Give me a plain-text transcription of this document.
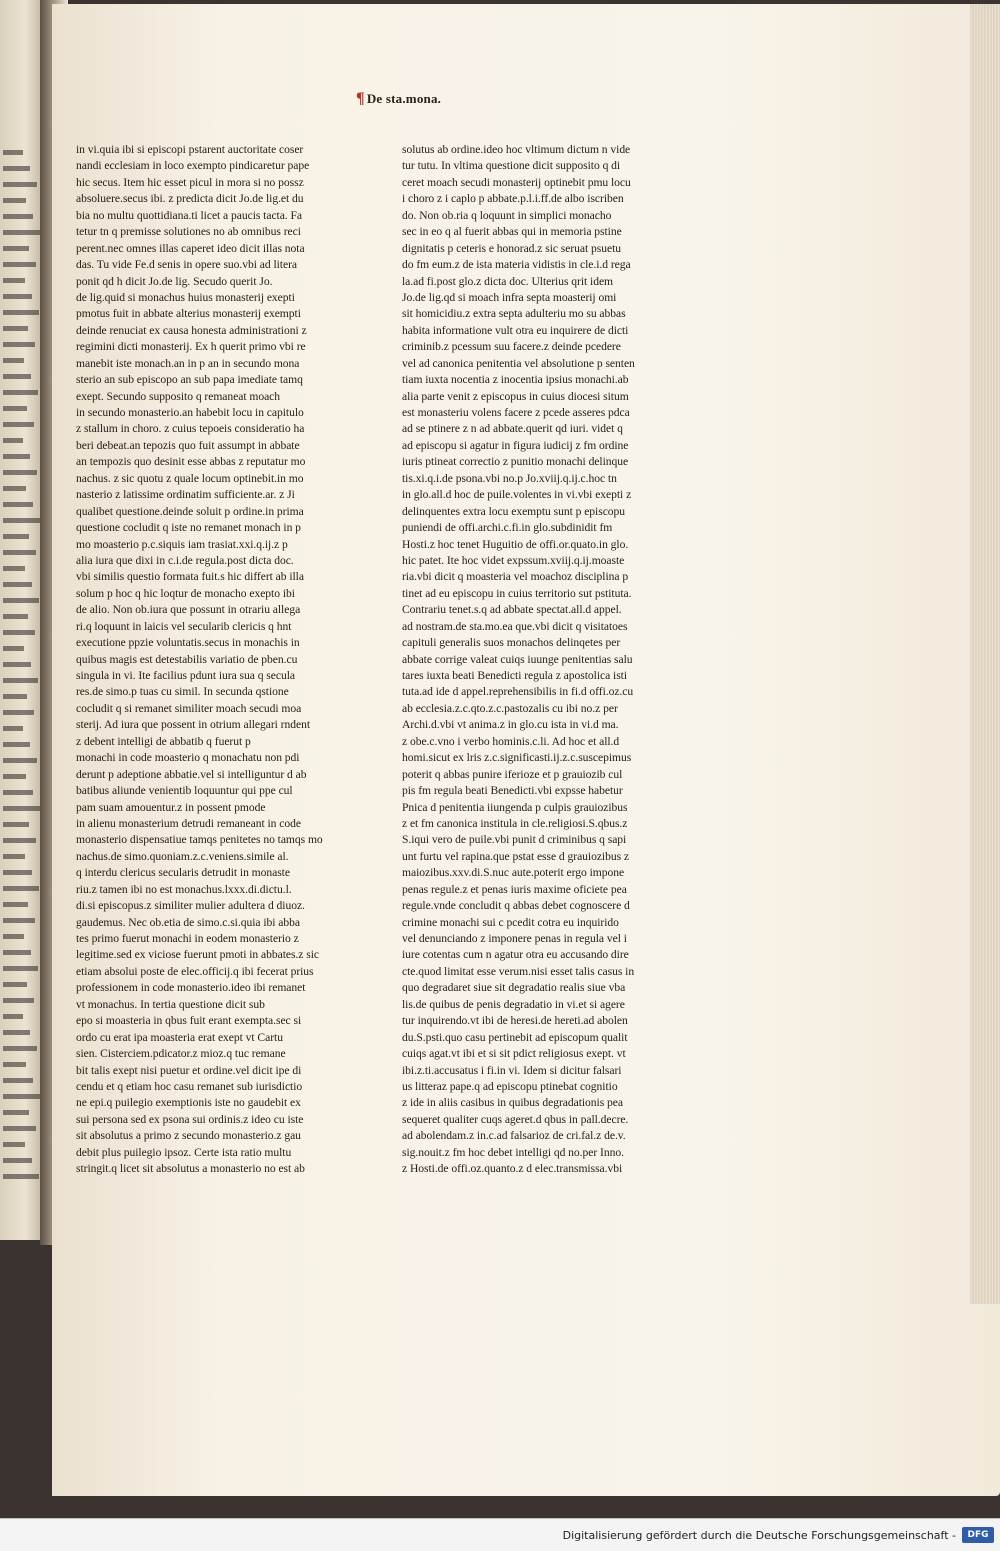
¶ De sta.mona.
in vi.quia ibi si episcopi pstarent auctoritate coser
nandi ecclesiam in loco exempto pindicaretur pape
hic secus. Item hic esset picul in mora si no possz
absoluere.secus ibi. z predicta dicit Jo.de lig.et du
bia no multu quottidiana.ti licet a paucis tacta. Fa
tetur tn q premisse solutiones no ab omnibus reci
perent.nec omnes illas caperet ideo dicit illas nota
das. Tu vide Fe.d senis in opere suo.vbi ad litera
ponit qd h dicit Jo.de lig. Secudo querit Jo.
de lig.quid si monachus huius monasterij exepti
pmotus fuit in abbate alterius monasterij exempti
deinde renuciat ex causa honesta administrationi z
regimini dicti monasterij. Ex h querit primo vbi re
manebit iste monach.an in p an in secundo mona
sterio an sub episcopo an sub papa imediate tamq
exept. Secundo supposito q remaneat moach
in secundo monasterio.an habebit locu in capitulo
z stallum in choro. z cuius tepoeis consideratio ha
beri debeat.an tepozis quo fuit assumpt in abbate
an tempozis quo desinit esse abbas z reputatur mo
nachus. z sic quotu z quale locum optinebit.in mo
nasterio z latissime ordinatim sufficiente.ar. z Ji
qualibet questione.deinde soluit p ordine.in prima
questione cocludit q iste no remanet monach in p
mo moasterio p.c.siquis iam trasiat.xxi.q.ij.z p
alia iura que dixi in c.i.de regula.post dicta doc.
vbi similis questio formata fuit.s hic differt ab illa
solum p hoc q hic loqtur de monacho exepto ibi
de alio. Non ob.iura que possunt in otrariu allega
ri.q loquunt in laicis vel secularib clericis q hnt
executione ppzie voluntatis.secus in monachis in
quibus magis est detestabilis variatio de pben.cu
singula in vi. Ite facilius pdunt iura sua q secula
res.de simo.p tuas cu simil. In secunda qstione
cocludit q si remanet similiter moach secudi moa
sterij. Ad iura que possent in otrium allegari rndent
z debent intelligi de abbatib q fuerut p
monachi in code moasterio q monachatu non pdi
derunt p adeptione abbatie.vel si intelliguntur d ab
batibus aliunde venientib loquuntur qui ppe cul
pam suam amouentur.z in possent pmode
in alienu monasterium detrudi remaneant in code
monasterio dispensatiue tamqs penitetes no tamqs mo
nachus.de simo.quoniam.z.c.veniens.simile al.
q interdu clericus secularis detrudit in monaste
riu.z tamen ibi no est monachus.lxxx.di.dictu.l.
di.si episcopus.z similiter mulier adultera d diuoz.
gaudemus. Nec ob.etia de simo.c.si.quia ibi abba
tes primo fuerut monachi in eodem monasterio z
legitime.sed ex viciose fuerunt pmoti in abbates.z sic
etiam absolui poste de elec.officij.q ibi fecerat prius
professionem in code monasterio.ideo ibi remanet
vt monachus. In tertia questione dicit sub
epo si moasteria in qbus fuit erant exempta.sec si
ordo cu erat ipa moasteria erat exept vt Cartu
sien. Cisterciem.pdicator.z mioz.q tuc remane
bit talis exept nisi puetur et ordine.vel dicit ipe di
cendu et q etiam hoc casu remanet sub iurisdictio
ne epi.q puilegio exemptionis iste no gaudebit ex
sui persona sed ex psona sui ordinis.z ideo cu iste
sit absolutus a primo z secundo monasterio.z gau
debit plus puilegio ipsoz. Certe ista ratio multu
stringit.q licet sit absolutus a monasterio no est ab
solutus ab ordine.ideo hoc vltimum dictum n vide
tur tutu. In vltima questione dicit supposito q di
ceret moach secudi monasterij optinebit pmu locu
i choro z i caplo p abbate.p.l.i.ff.de albo iscriben
do. Non ob.ria q loquunt in simplici monacho
sec in eo q al fuerit abbas qui in memoria pstine
dignitatis p ceteris e honorad.z sic seruat psuetu
do fm eum.z de ista materia vidistis in cle.i.d rega
la.ad fi.post glo.z dicta doc. Ulterius qrit idem
Jo.de lig.qd si moach infra septa moasterij omi
sit homicidiu.z extra septa adulteriu mo su abbas
habita informatione vult otra eu inquirere de dicti
criminib.z pcessum suu facere.z deinde pcedere
vel ad canonica penitentia vel absolutione p senten
tiam iuxta nocentia z inocentia ipsius monachi.ab
alia parte venit z episcopus in cuius diocesi situm
est monasteriu volens facere z pcede asseres pdca
ad se ptinere z n ad abbate.querit qd iuri. videt q
ad episcopu si agatur in figura iudicij z fm ordine
iuris ptineat correctio z punitio monachi delinque
tis.xi.q.i.de psona.vbi no.p Jo.xviij.q.ij.c.hoc tn
in glo.all.d hoc de puile.volentes in vi.vbi exepti z
delinquentes extra locu exemptu sunt p episcopu
puniendi de offi.archi.c.fi.in glo.subdinidit fm
Hosti.z hoc tenet Huguitio de offi.or.quato.in glo.
hic patet. Ite hoc videt expssum.xviij.q.ij.moaste
ria.vbi dicit q moasteria vel moachoz disciplina p
tinet ad eu episcopu in cuius territorio sut pstituta.
Contrariu tenet.s.q ad abbate spectat.all.d appel.
ad nostram.de sta.mo.ea que.vbi dicit q visitatoes
capituli generalis suos monachos delinqetes per
abbate corrige valeat cuiqs iuunge penitentias salu
tares iuxta beati Benedicti regula z apostolica isti
tuta.ad ide d appel.reprehensibilis in fi.d offi.oz.cu
ab ecclesia.z.c.qto.z.c.pastozalis cu ibi no.z per
Archi.d.vbi vt anima.z in glo.cu ista in vi.d ma.
z obe.c.vno i verbo hominis.c.li. Ad hoc et all.d
homi.sicut ex lris z.c.significasti.ij.z.c.suscepimus
poterit q abbas punire iferioze et p grauiozib cul
pis fm regula beati Benedicti.vbi expsse habetur
Pnica d penitentia iiungenda p culpis grauiozibus
z et fm canonica institula in cle.religiosi.S.qbus.z
S.iqui vero de puile.vbi punit d criminibus q sapi
unt furtu vel rapina.que pstat esse d grauiozibus z
maiozibus.xxv.di.S.nuc aute.poterit ergo impone
penas regule.z et penas iuris maxime oficiete pea
regule.vnde concludit q abbas debet cognoscere d
crimine monachi sui c pcedit cotra eu inquirido
vel denunciando z imponere penas in regula vel i
iure cotentas cum n agatur otra eu accusando dire
cte.quod limitat esse verum.nisi esset talis casus in
quo degradaret siue sit degradatio realis siue vba
lis.de quibus de penis degradatio in vi.et si agere
tur inquirendo.vt ibi de heresi.de hereti.ad abolen
du.S.psti.quo casu pertinebit ad episcopum qualit
cuiqs agat.vt ibi et si sit pdict religiosus exept. vt
ibi.z.ti.accusatus i fi.in vi. Idem si dicitur falsari
us litteraz pape.q ad episcopu ptinebat cognitio
z ide in aliis casibus in quibus degradationis pea
sequeret qualiter cuqs ageret.d qbus in pall.decre.
ad abolendam.z in.c.ad falsarioz de cri.fal.z de.v.
sig.nouit.z fm hoc debet intelligi qd no.per Inno.
z Hosti.de offi.oz.quanto.z d elec.transmissa.vbi
Digitalisierung gefördert durch die Deutsche Forschungsgemeinschaft -	DFG
